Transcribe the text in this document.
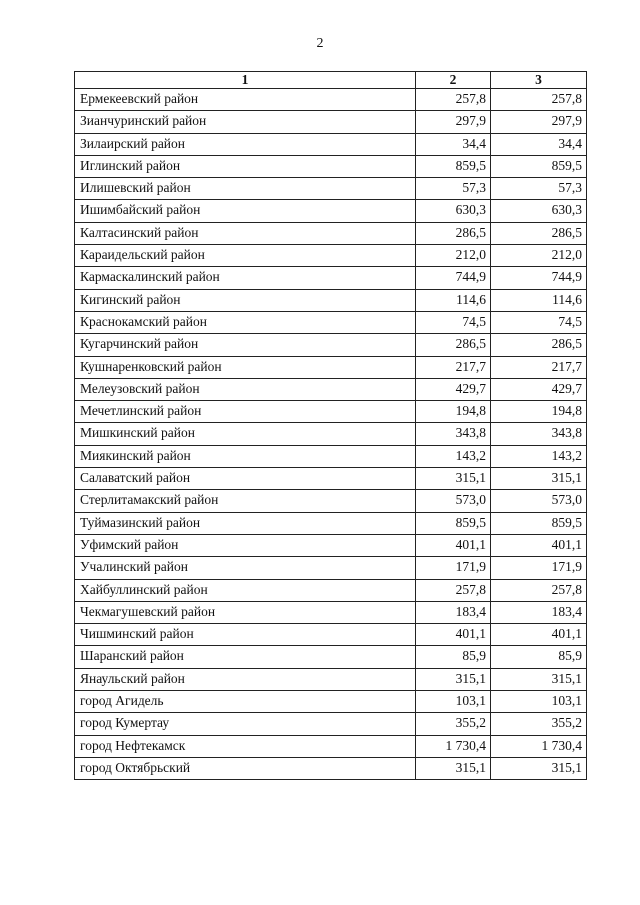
2
1	2	3
Ермекеевский район	257,8	257,8
Зианчуринский район	297,9	297,9
Зилаирский район	34,4	34,4
Иглинский район	859,5	859,5
Илишевский район	57,3	57,3
Ишимбайский район	630,3	630,3
Калтасинский район	286,5	286,5
Караидельский район	212,0	212,0
Кармаскалинский район	744,9	744,9
Кигинский район	114,6	114,6
Краснокамский район	74,5	74,5
Кугарчинский район	286,5	286,5
Кушнаренковский район	217,7	217,7
Мелеузовский район	429,7	429,7
Мечетлинский район	194,8	194,8
Мишкинский район	343,8	343,8
Миякинский район	143,2	143,2
Салаватский район	315,1	315,1
Стерлитамакский район	573,0	573,0
Туймазинский район	859,5	859,5
Уфимский район	401,1	401,1
Учалинский район	171,9	171,9
Хайбуллинский район	257,8	257,8
Чекмагушевский район	183,4	183,4
Чишминский район	401,1	401,1
Шаранский район	85,9	85,9
Янаульский район	315,1	315,1
город Агидель	103,1	103,1
город Кумертау	355,2	355,2
город Нефтекамск	1 730,4	1 730,4
город Октябрьский	315,1	315,1
